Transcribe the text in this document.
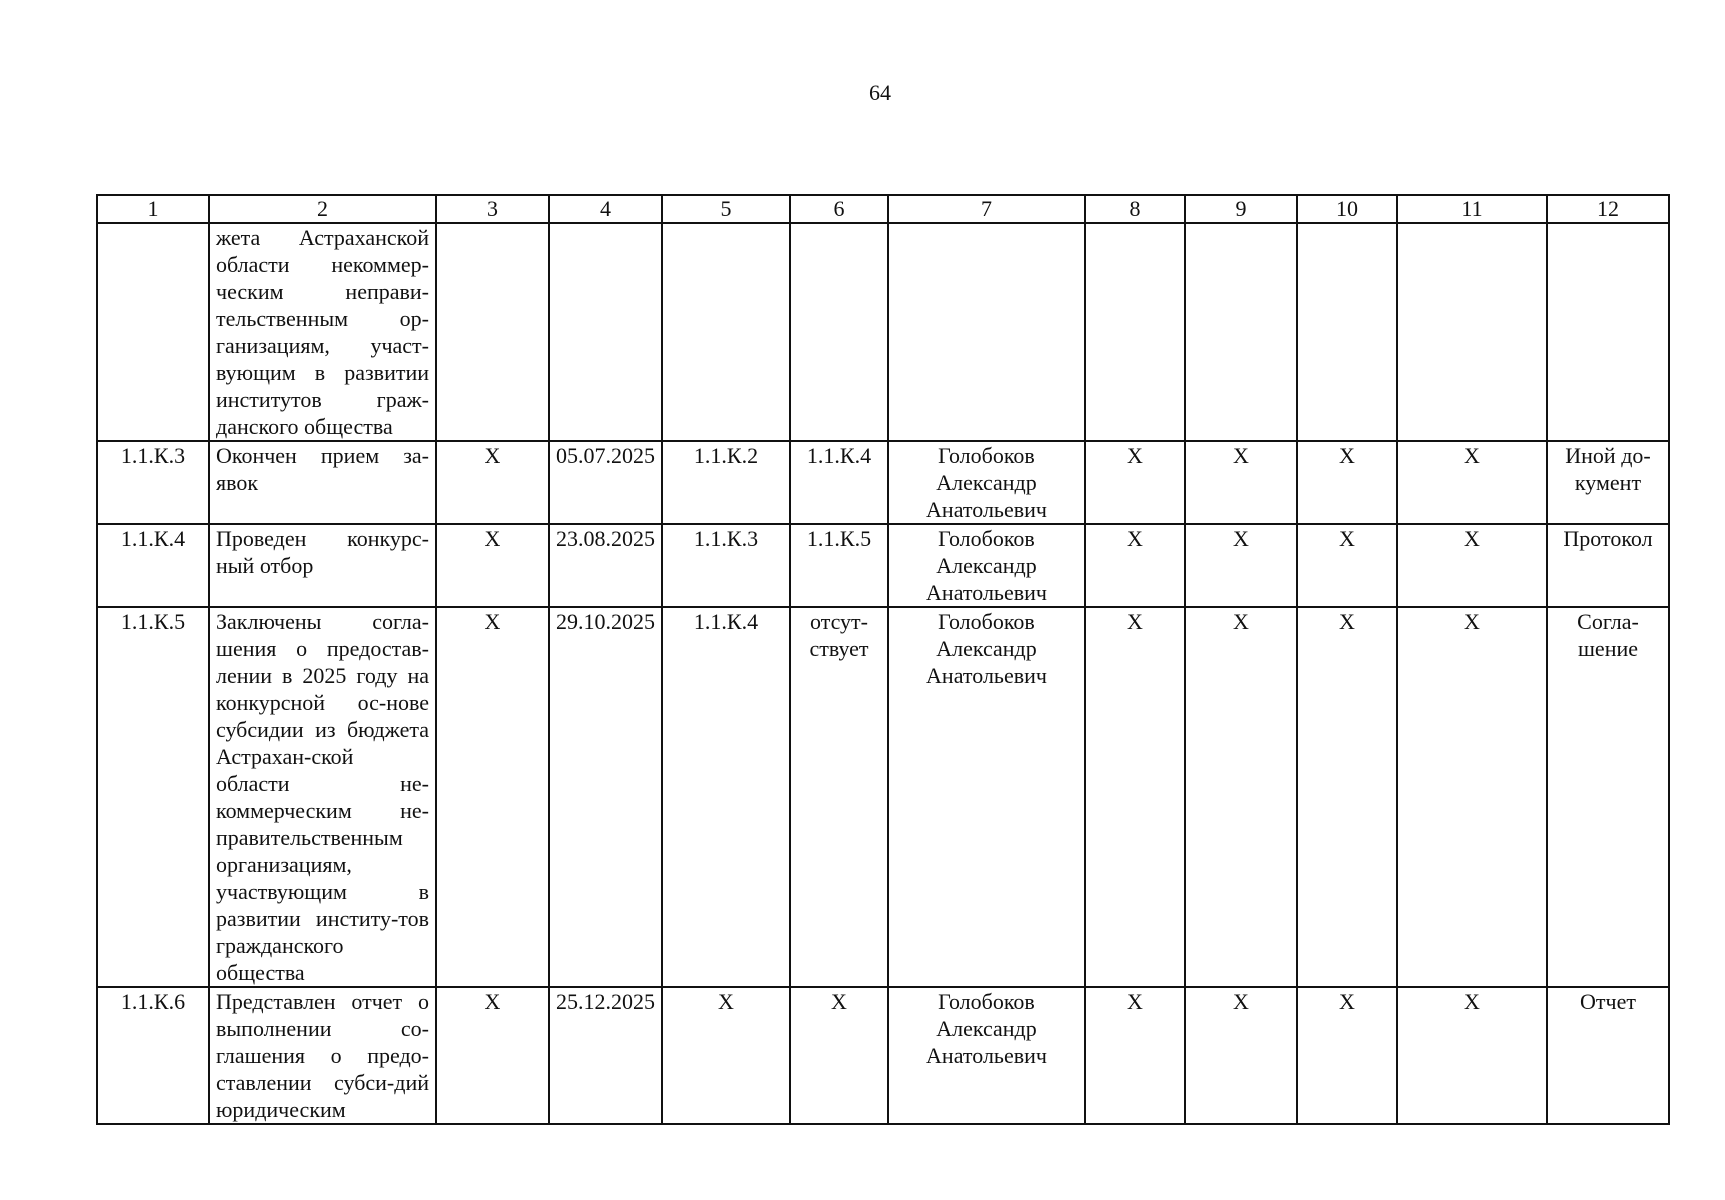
64
1	2	3	4	5	6	7	8	9	10	11	12
	жета Астраханской области некоммер-ческим неправи-тельственным ор-ганизациям, участ-вующим в развитии институтов граж-данского общества										
1.1.К.3	Окончен прием за-явок	Х	05.07.2025	1.1.К.2	1.1.К.4	Голобоков Александр Анатольевич	Х	Х	Х	Х	Иной до-кумент
1.1.К.4	Проведен конкурс-ный отбор	Х	23.08.2025	1.1.К.3	1.1.К.5	Голобоков Александр Анатольевич	Х	Х	Х	Х	Протокол
1.1.К.5	Заключены согла-шения о предостав-лении в 2025 году на конкурсной ос-нове субсидии из бюджета Астрахан-ской области не-коммерческим не-правительственным организациям, участвующим в развитии институ-тов гражданского общества	Х	29.10.2025	1.1.К.4	отсут-ствует	Голобоков Александр Анатольевич	Х	Х	Х	Х	Согла-шение
1.1.К.6	Представлен отчет о выполнении со-глашения о предо-ставлении субси-дий юридическим	Х	25.12.2025	Х	Х	Голобоков Александр Анатольевич	Х	Х	Х	Х	Отчет
